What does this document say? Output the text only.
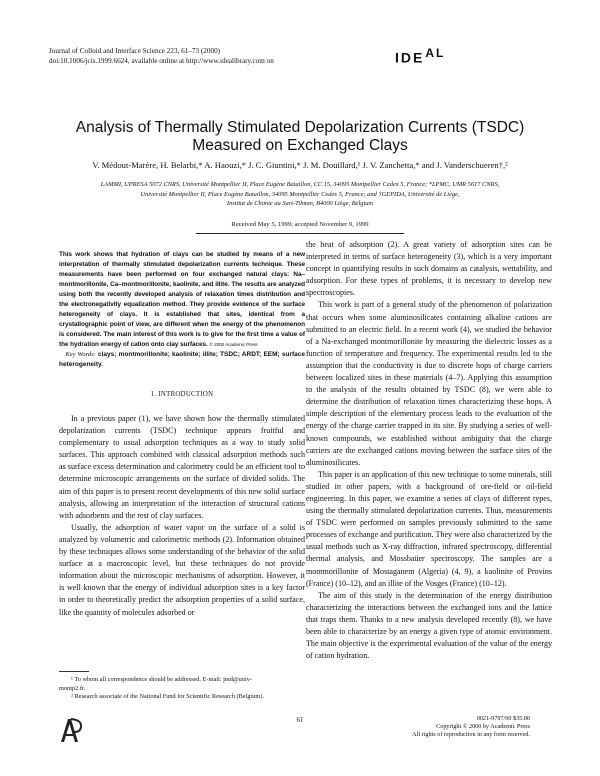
Journal of Colloid and Interface Science 223, 61–73 (2000)
doi:10.1006/jcis.1999.6624, available online at http://www.idealibrary.com on	IDEAL
Analysis of Thermally Stimulated Depolarization Currents (TSDC)
Measured on Exchanged Clays
V. Médout-Marère, H. Belarbi,* A. Haouzi,* J. C. Giuntini,* J. M. Douillard,¹ J. V. Zanchetta,* and J. Vanderschueren†,²
LAMMI, UPRESA 5072 CNRS, Université Montpellier II, Place Eugène Bataillon, CC 15, 34095 Montpellier Cedex 5, France; *LPMC, UMR 5617 CNRS,
Université Montpellier II, Place Eugène Bataillon, 34095 Montpellier Cedex 5, France; and †GEPIDA, Université de Liège,
Institut de Chimie au Sart-Tilman, B4000 Liège, Belgium
Received May 5, 1999; accepted November 9, 1999
This work shows that hydration of clays can be studied by means of a new interpretation of thermally stimulated depolarization currents technique. These measurements have been performed on four exchanged natural clays: Na–montmorillonite, Ca–montmorillonite, kaolinite, and illite. The results are analyzed using both the recently developed analysis of relaxation times distribution and the electronegativity equalization method. They provide evidence of the surface heterogeneity of clays. It is established that sites, identical from a crystallographic point of view, are different when the energy of the phenomenon is considered. The main interest of this work is to give for the first time a value of the hydration energy of cation onto clay surfaces. © 2000 Academic Press
Key Words: clays; montmorillonite; kaolinite; illite; TSDC; ARDT; EEM; surface heterogeneity.
1. INTRODUCTION

In a previous paper (1), we have shown how the thermally stimulated depolarization currents (TSDC) technique appears fruitful and complementary to usual adsorption techniques as a way to study solid surfaces. This approach combined with classical adsorption methods such as surface excess determination and calorimetry could be an efficient tool to determine microscopic arrangements on the surface of divided solids. The aim of this paper is to present recent developments of this new solid surface analysis, allowing an interpretation of the interaction of structural cations with adsorbents and the rest of clay surfaces.

Usually, the adsorption of water vapor on the surface of a solid is analyzed by volumetric and calorimetric methods (2). Information obtained by these techniques allows some understanding of the behavior of the solid surface at a macroscopic level, but these techniques do not provide information about the microscopic mechanisms of adsorption. However, it is well known that the energy of individual adsorption sites is a key factor in order to theoretically predict the adsorption properties of a solid surface, like the quantity of molecules adsorbed or

the heat of adsorption (2). A great variety of adsorption sites can be interpreted in terms of surface heterogeneity (3), which is a very important concept in quantifying results in such domains as catalysis, wettability, and adsorption. For these types of problems, it is necessary to develop new spectroscopies.

This work is part of a general study of the phenomenon of polarization that occurs when some aluminosilicates containing alkaline cations are submitted to an electric field. In a recent work (4), we studied the behavior of a Na-exchanged montmorillonite by measuring the dielectric losses as a function of temperature and frequency. The experimental results led to the assumption that the conductivity is due to discrete hops of charge carriers between localized sites in these materials (4–7). Applying this assumption to the analysis of the results obtained by TSDC (8), we were able to determine the distribution of relaxation times characterizing these hops. A simple description of the elementary process leads to the evaluation of the energy of the charge carrier trapped in its site. By studying a series of well-known compounds, we established without ambiguity that the charge carriers are the exchanged cations moving between the surface sites of the aluminosilicates.

This paper is an application of this new technique to some minerals, still studied in other papers, with a background of ore-field or oil-field engineering. In this paper, we examine a series of clays of different types, using the thermally stimulated depolarization currents. Thus, measurements of TSDC were performed on samples previously submitted to the same processes of exchange and purification. They were also characterized by the usual methods such as X-ray diffraction, infrared spectroscopy, differential thermal analysis, and Mossbaüer spectroscopy. The samples are a montmorillonite of Mostaganem (Algeria) (4, 9), a kaolinite of Provins (France) (10–12), and an illite of the Vosges (France) (10–12).

The aim of this study is the determination of the energy distribution characterizing the interactions between the exchanged ions and the lattice that traps them. Thanks to a new analysis developed recently (8), we have been able to characterize by an energy a given type of atomic environment. The main objective is the experimental evaluation of the value of the energy of cation hydration.

¹ To whom all correspondence should be addressed. E-mail: jmd@univ-
montp2.fr.
² Research associate of the National Fund for Scientific Research (Belgium).
61	0021-9797/00 $35.00
Copyright © 2000 by Academic Press
All rights of reproduction in any form reserved.
